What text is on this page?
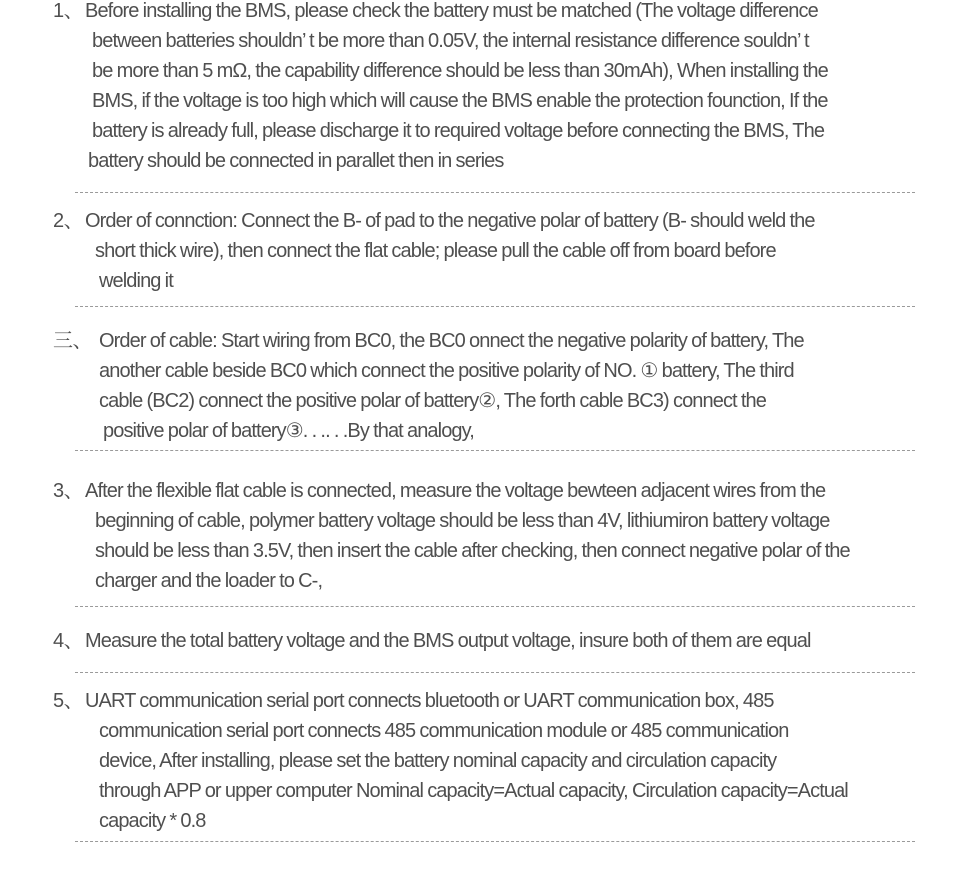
1、 Before installing the BMS, please check the battery must be matched (The voltage difference
between batteries shouldn’ t be more than 0.05V, the internal resistance difference souldn’ t
be more than 5 mΩ, the capability difference should be less than 30mAh), When installing the
BMS, if the voltage is too high which will cause the BMS enable the protection founction, If the
battery is already full, please discharge it to required voltage before connecting the BMS, The
battery should be connected in parallet then in series
2、 Order of connction: Connect the B- of pad to the negative polar of battery (B- should weld the
short thick wire), then connect the flat cable; please pull the cable off from board before
welding it
三、 Order of cable: Start wiring from BC0, the BC0 onnect the negative polarity of battery, The
another cable beside BC0 which connect the positive polarity of NO. ① battery, The third
cable (BC2) connect the positive polar of battery②, The forth cable BC3) connect the
positive polar of battery③. . .. . .By that analogy,
3、 After the flexible flat cable is connected, measure the voltage bewteen adjacent wires from the
beginning of cable, polymer battery voltage should be less than 4V, lithiumiron battery voltage
should be less than 3.5V, then insert the cable after checking, then connect negative polar of the
charger and the loader to C-,
4、 Measure the total battery voltage and the BMS output voltage, insure both of them are equal
5、 UART communication serial port connects bluetooth or UART communication box, 485
communication serial port connects 485 communication module or 485 communication
device, After installing, please set the battery nominal capacity and circulation capacity
through APP or upper computer Nominal capacity=Actual capacity, Circulation capacity=Actual
capacity * 0.8
